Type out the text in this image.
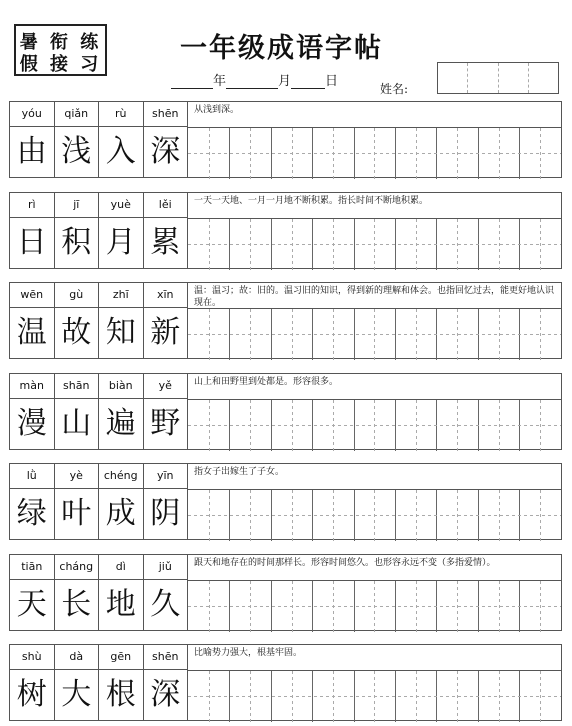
暑 衔 练
假 接 习
一年级成语字帖
年	月	日	姓名:
yóu	qiǎn	rù	shēn	从浅到深。
由 浅 入 深
rì	jī	yuè	lěi	一天一天地、一月一月地不断积累。指长时间不断地积累。
日 积 月 累
wēn	gù	zhī	xīn	温：温习；故：旧的。温习旧的知识，得到新的理解和体会。也指回忆过去，能更好地认识现在。
温 故 知 新
màn	shān	biàn	yě	山上和田野里到处都是。形容很多。
漫 山 遍 野
lǜ	yè	chéng	yīn	指女子出嫁生了子女。
绿 叶 成 阴
tiān	cháng	dì	jiǔ	跟天和地存在的时间那样长。形容时间悠久。也形容永远不变（多指爱情）。
天 长 地 久
shù	dà	gēn	shēn	比喻势力强大，根基牢固。
树 大 根 深
